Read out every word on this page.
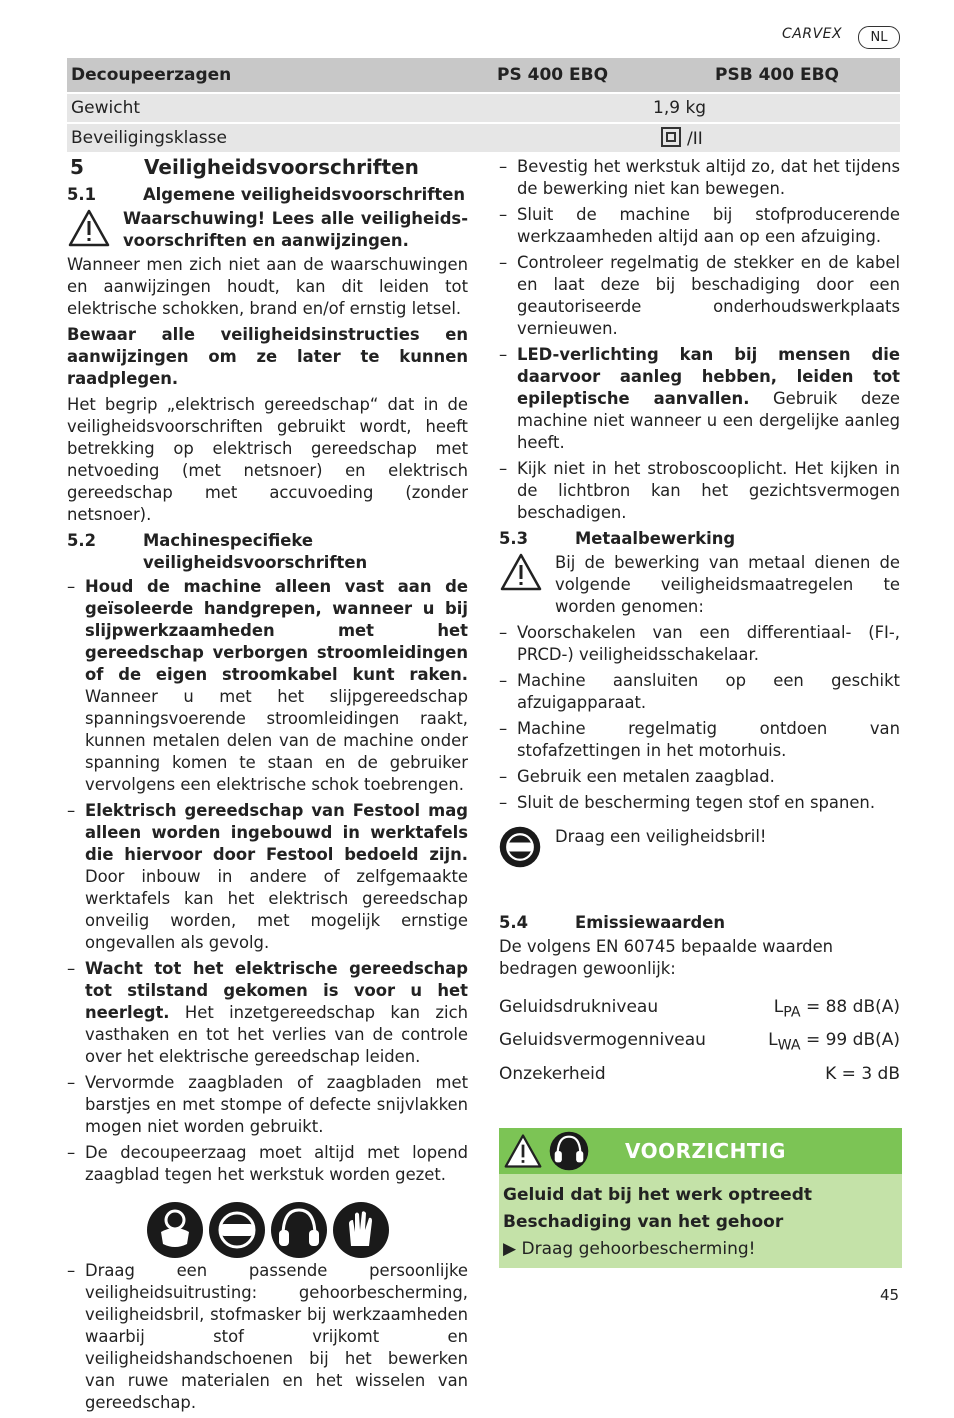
CARVEX	NL
Decoupeerzagen	PS 400 EBQ	PSB 400 EBQ
Gewicht	1,9 kg	
Beveiligingsklasse	/II	
5	Veiligheidsvoorschriften
5.1	Algemene veiligheidsvoorschriften

Waarschuwing! Lees alle veiligheids-voorschriften en aanwijzingen.

Wanneer men zich niet aan de waarschuwingen en aanwijzingen houdt, kan dit leiden tot elektrische schokken, brand en/of ernstig letsel.

Bewaar alle veiligheidsinstructies en aanwijzingen om ze later te kunnen raadplegen.

Het begrip „elektrisch gereedschap“ dat in de veiligheidsvoorschriften gebruikt wordt, heeft betrekking op elektrisch gereedschap met netvoeding (met netsnoer) en elektrisch gereedschap met accuvoeding (zonder netsnoer).

5.2	Machinespecifieke veiligheidsvoorschriften
– Houd de machine alleen vast aan de geïsoleerde handgrepen, wanneer u bij slijpwerkzaamheden met het gereedschap verborgen stroomleidingen of de eigen stroomkabel kunt raken. Wanneer u met het slijpgereedschap spanningsvoerende stroomleidingen raakt, kunnen metalen delen van de machine onder spanning komen te staan en de gebruiker vervolgens een elektrische schok toebrengen.
– Elektrisch gereedschap van Festool mag alleen worden ingebouwd in werktafels die hiervoor door Festool bedoeld zijn. Door inbouw in andere of zelfgemaakte werktafels kan het elektrisch gereedschap onveilig worden, met mogelijk ernstige ongevallen als gevolg.
– Wacht tot het elektrische gereedschap tot stilstand gekomen is voor u het neerlegt. Het inzetgereedschap kan zich vasthaken en tot het verlies van de controle over het elektrische gereedschap leiden.
– Vervormde zaagbladen of zaagbladen met barstjes en met stompe of defecte snijvlakken mogen niet worden gebruikt.
– De decoupeerzaag moet altijd met lopend zaagblad tegen het werkstuk worden gezet.
– Draag een passende persoonlijke veiligheidsuitrusting: gehoorbescherming, veiligheidsbril, stofmasker bij werkzaamheden waarbij stof vrijkomt en veiligheidshandschoenen bij het bewerken van ruwe materialen en het wisselen van gereedschap.
– Bevestig het werkstuk altijd zo, dat het tijdens de bewerking niet kan bewegen.
– Sluit de machine bij stofproducerende werkzaamheden altijd aan op een afzuiging.
– Controleer regelmatig de stekker en de kabel en laat deze bij beschadiging door een geautoriseerde onderhoudswerkplaats vernieuwen.
– LED-verlichting kan bij mensen die daarvoor aanleg hebben, leiden tot epileptische aanvallen. Gebruik deze machine niet wanneer u een dergelijke aanleg heeft.
– Kijk niet in het stroboscooplicht. Het kijken in de lichtbron kan het gezichtsvermogen beschadigen.
5.3	Metaalbewerking

Bij de bewerking van metaal dienen de volgende veiligheidsmaatregelen te worden genomen:

– Voorschakelen van een differentiaal- (FI-, PRCD-) veiligheidsschakelaar.
– Machine aansluiten op een geschikt afzuigapparaat.
– Machine regelmatig ontdoen van stofafzettingen in het motorhuis.
– Gebruik een metalen zaagblad.
– Sluit de bescherming tegen stof en spanen.

Draag een veiligheidsbril!

5.4	Emissiewaarden

De volgens EN 60745 bepaalde waarden bedragen gewoonlijk:

Geluidsdrukniveau	$L_{PA} = 88$ dB(A)
Geluidsvermogenniveau	$L_{WA} = 99$ dB(A)
Onzekerheid	K = 3 dB
VOORZICHTIG

Geluid dat bij het werk optreedt

Beschadiging van het gehoor

▶ Draag gehoorbescherming!

45
